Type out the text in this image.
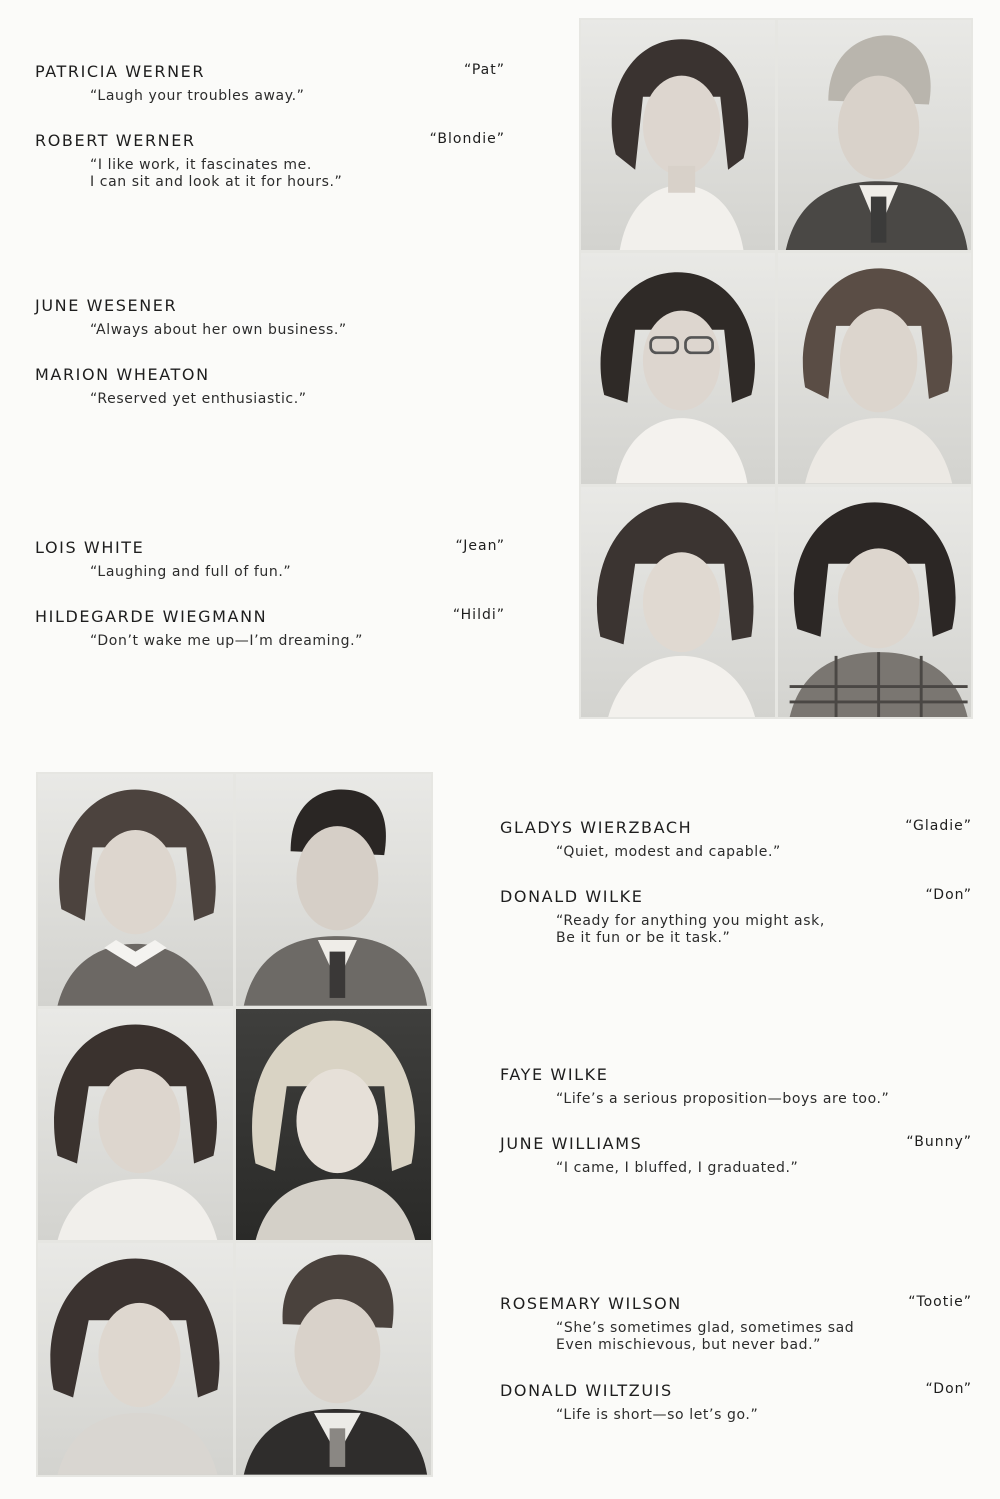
PATRICIA WERNER	“Pat”
“Laugh your troubles away.”
ROBERT WERNER	“Blondie”
“I like work, it fascinates me.
I can sit and look at it for hours.”
JUNE WESENER
“Always about her own business.”
MARION WHEATON
“Reserved yet enthusiastic.”
LOIS WHITE	“Jean”
“Laughing and full of fun.”
HILDEGARDE WIEGMANN	“Hildi”
“Don’t wake me up—I’m dreaming.”
GLADYS WIERZBACH	“Gladie”
“Quiet, modest and capable.”
DONALD WILKE	“Don”
“Ready for anything you might ask,
Be it fun or be it task.”
FAYE WILKE
“Life’s a serious proposition—boys are too.”
JUNE WILLIAMS	“Bunny”
“I came, I bluffed, I graduated.”
ROSEMARY WILSON	“Tootie”
“She’s sometimes glad, sometimes sad
Even mischievous, but never bad.”
DONALD WILTZUIS	“Don”
“Life is short—so let’s go.”
